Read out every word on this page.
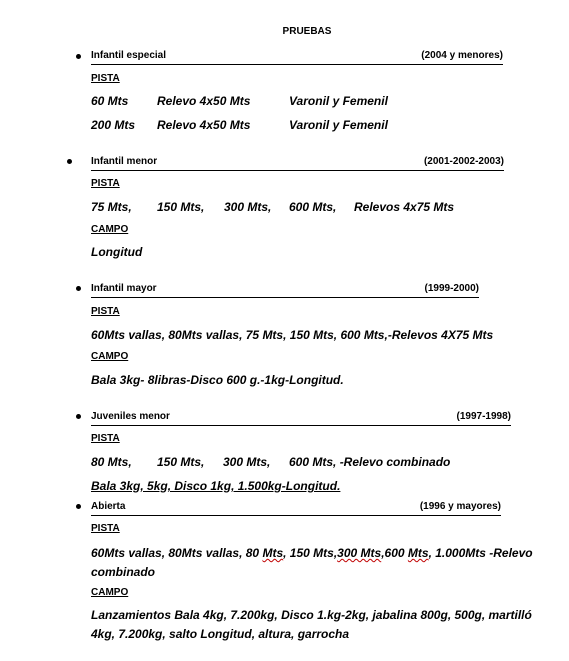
PRUEBAS
Infantil especial	(2004 y menores)
PISTA
60 Mts Relevo 4x50 Mts	Varonil y Femenil
200 Mts Relevo 4x50 Mts	Varonil y Femenil
Infantil menor	(2001-2002-2003)
PISTA
75 Mts, 150 Mts, 300 Mts, 600 Mts, Relevos 4x75 Mts
CAMPO
Longitud
Infantil mayor	(1999-2000)
PISTA
60Mts vallas, 80Mts vallas, 75 Mts, 150 Mts, 600 Mts,-Relevos 4X75 Mts
CAMPO
Bala 3kg- 8libras-Disco 600 g.-1kg-Longitud.
Juveniles menor	(1997-1998)
PISTA
80 Mts, 150 Mts, 300 Mts, 600 Mts, -Relevo combinado
Bala 3kg, 5kg, Disco 1kg, 1.500kg-Longitud.
Abierta	(1996 y mayores)
PISTA
60Mts vallas, 80Mts vallas, 80 Mts, 150 Mts,300 Mts,600 Mts, 1.000Mts -Relevo combinado
CAMPO
Lanzamientos Bala 4kg, 7.200kg, Disco 1.kg-2kg, jabalina 800g, 500g, martilló 4kg, 7.200kg, salto Longitud, altura, garrocha
